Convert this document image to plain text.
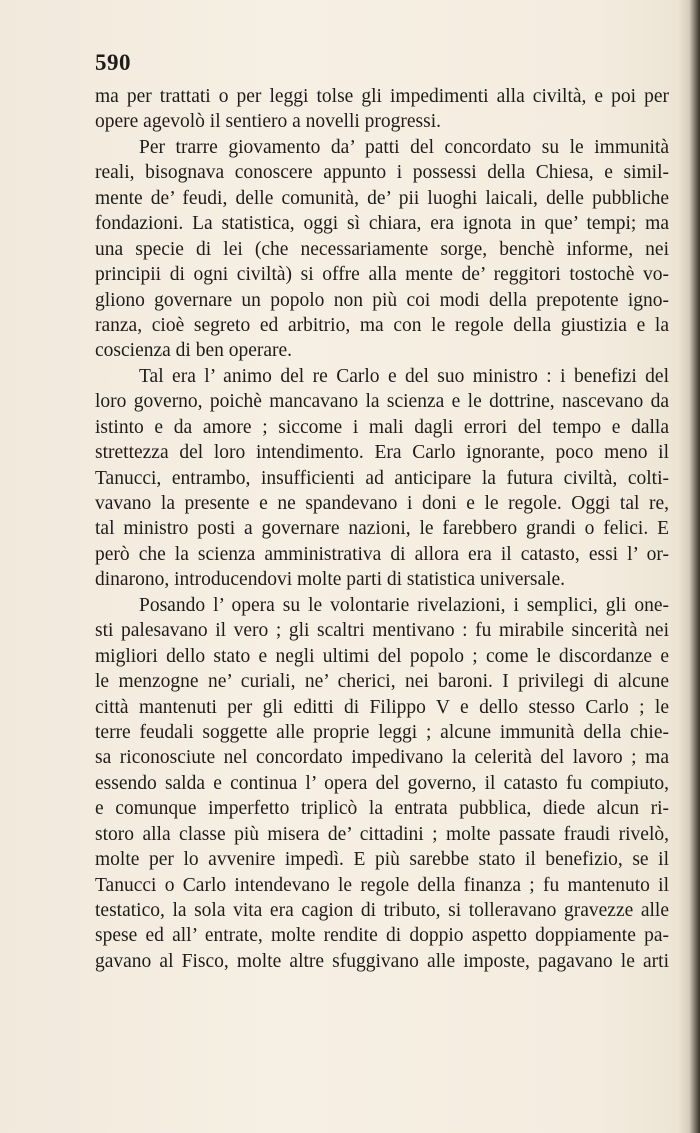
590
ma per trattati o per leggi tolse gli impedimenti alla civiltà, e poi per
opere agevolò il sentiero a novelli progressi.
Per trarre giovamento da’ patti del concordato su le immunità
reali, bisognava conoscere appunto i possessi della Chiesa, e simil-
mente de’ feudi, delle comunità, de’ pii luoghi laicali, delle pubbliche
fondazioni. La statistica, oggi sì chiara, era ignota in que’ tempi; ma
una specie di lei (che necessariamente sorge, benchè informe, nei
principii di ogni civiltà) si offre alla mente de’ reggitori tostochè vo-
gliono governare un popolo non più coi modi della prepotente igno-
ranza, cioè segreto ed arbitrio, ma con le regole della giustizia e la
coscienza di ben operare.
Tal era l’ animo del re Carlo e del suo ministro : i benefizi del
loro governo, poichè mancavano la scienza e le dottrine, nascevano da
istinto e da amore ; siccome i mali dagli errori del tempo e dalla
strettezza del loro intendimento. Era Carlo ignorante, poco meno il
Tanucci, entrambo, insufficienti ad anticipare la futura civiltà, colti-
vavano la presente e ne spandevano i doni e le regole. Oggi tal re,
tal ministro posti a governare nazioni, le farebbero grandi o felici. E
però che la scienza amministrativa di allora era il catasto, essi l’ or-
dinarono, introducendovi molte parti di statistica universale.
Posando l’ opera su le volontarie rivelazioni, i semplici, gli one-
sti palesavano il vero ; gli scaltri mentivano : fu mirabile sincerità nei
migliori dello stato e negli ultimi del popolo ; come le discordanze e
le menzogne ne’ curiali, ne’ cherici, nei baroni. I privilegi di alcune
città mantenuti per gli editti di Filippo V e dello stesso Carlo ; le
terre feudali soggette alle proprie leggi ; alcune immunità della chie-
sa riconosciute nel concordato impedivano la celerità del lavoro ; ma
essendo salda e continua l’ opera del governo, il catasto fu compiuto,
e comunque imperfetto triplicò la entrata pubblica, diede alcun ri-
storo alla classe più misera de’ cittadini ; molte passate fraudi rivelò,
molte per lo avvenire impedì. E più sarebbe stato il benefizio, se il
Tanucci o Carlo intendevano le regole della finanza ; fu mantenuto il
testatico, la sola vita era cagion di tributo, si tolleravano gravezze alle
spese ed all’ entrate, molte rendite di doppio aspetto doppiamente pa-
gavano al Fisco, molte altre sfuggivano alle imposte, pagavano le arti
